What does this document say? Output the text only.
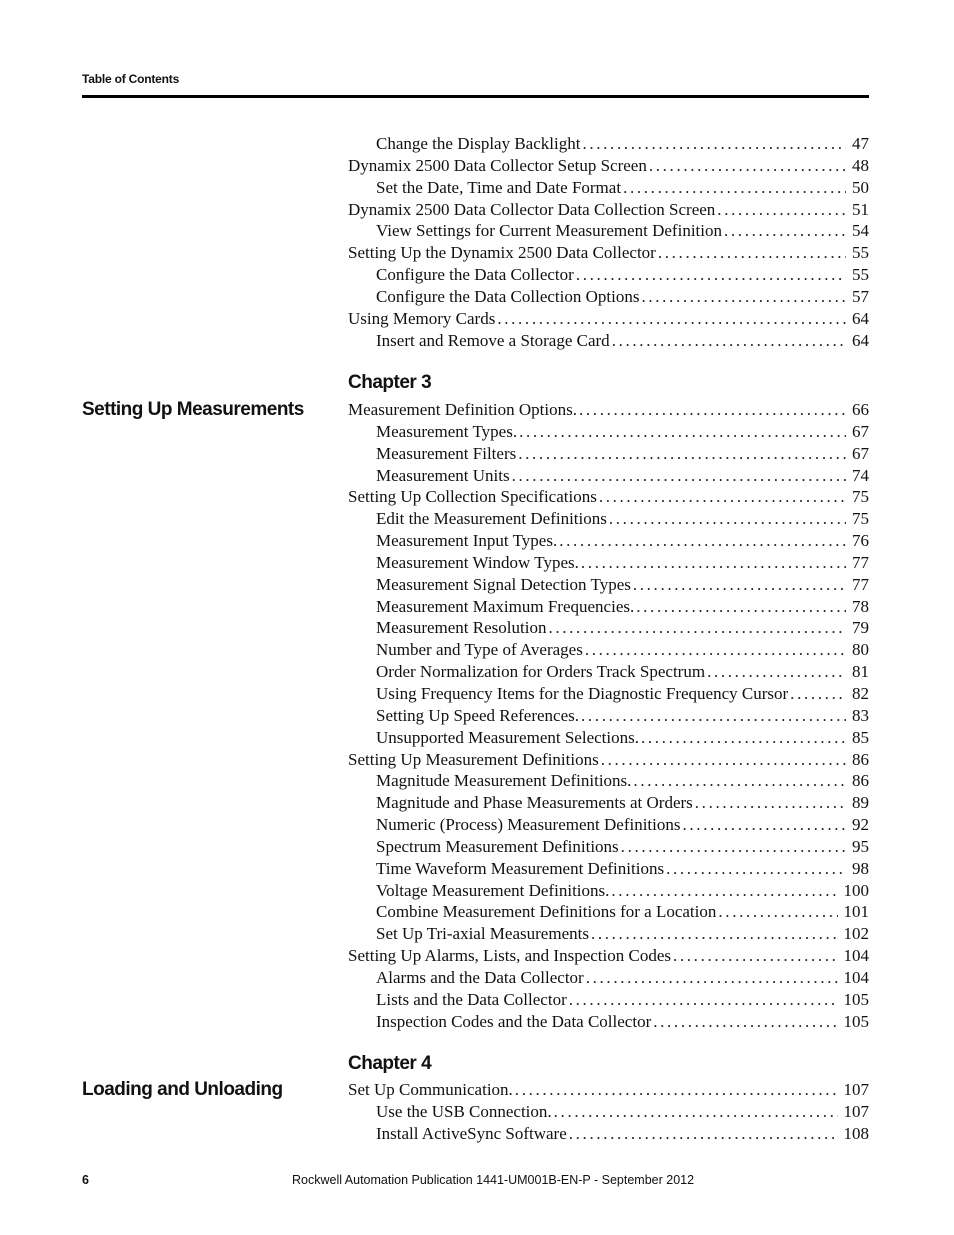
Table of Contents
Change the Display Backlight . . .	47
Dynamix 2500 Data Collector Setup Screen . . .	48
Set the Date, Time and Date Format . . .	50
Dynamix 2500 Data Collector Data Collection Screen . . .	51
View Settings for Current Measurement Definition . . .	54
Setting Up the Dynamix 2500 Data Collector . . .	55
Configure the Data Collector . . .	55
Configure the Data Collection Options . . .	57
Using Memory Cards . . .	64
Insert and Remove a Storage Card . . .	64
Chapter 3
Setting Up Measurements	Measurement Definition Options. . . .	66
Measurement Types. . . .	67
Measurement Filters . . .	67
Measurement Units . . .	74
Setting Up Collection Specifications . . .	75
Edit the Measurement Definitions . . .	75
Measurement Input Types. . . .	76
Measurement Window Types. . . .	77
Measurement Signal Detection Types . . .	77
Measurement Maximum Frequencies. . . .	78
Measurement Resolution . . .	79
Number and Type of Averages . . .	80
Order Normalization for Orders Track Spectrum . . .	81
Using Frequency Items for the Diagnostic Frequency Cursor . . .	82
Setting Up Speed References. . . .	83
Unsupported Measurement Selections. . . .	85
Setting Up Measurement Definitions . . .	86
Magnitude Measurement Definitions. . . .	86
Magnitude and Phase Measurements at Orders . . .	89
Numeric (Process) Measurement Definitions . . .	92
Spectrum Measurement Definitions . . .	95
Time Waveform Measurement Definitions . . .	98
Voltage Measurement Definitions. . . .	100
Combine Measurement Definitions for a Location . . .	101
Set Up Tri-axial Measurements . . .	102
Setting Up Alarms, Lists, and Inspection Codes . . .	104
Alarms and the Data Collector . . .	104
Lists and the Data Collector . . .	105
Inspection Codes and the Data Collector . . .	105
Chapter 4
Loading and Unloading	Set Up Communication. . . .	107
Use the USB Connection. . . .	107
Install ActiveSync Software . . .	108
6	Rockwell Automation Publication 1441-UM001B-EN-P - September 2012
